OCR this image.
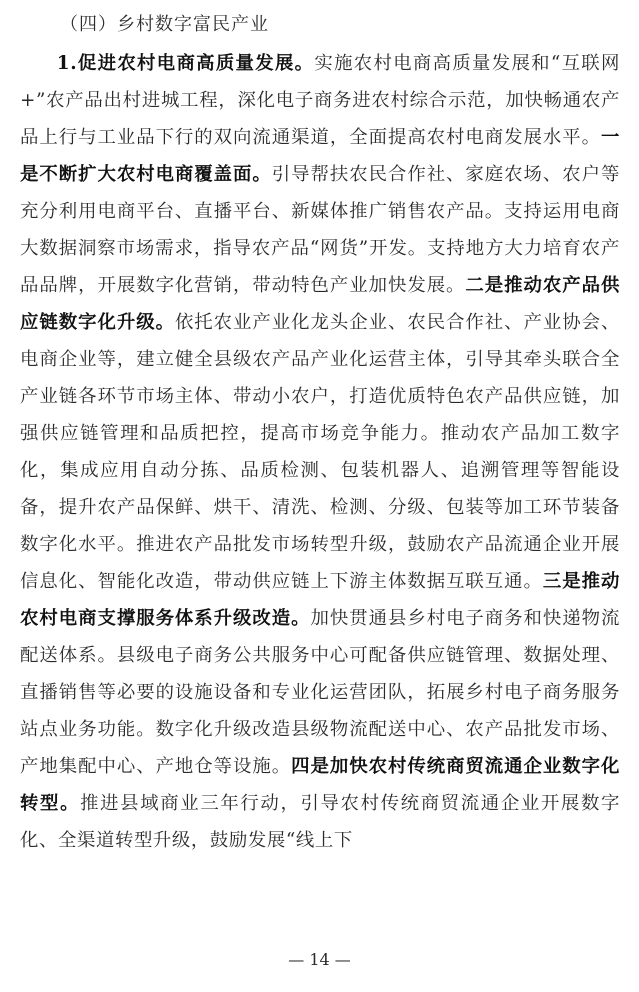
（四）乡村数字富民产业
1.促进农村电商高质量发展。实施农村电商高质量发展和“互联网+”农产品出村进城工程，深化电子商务进农村综合示范，加快畅通农产品上行与工业品下行的双向流通渠道，全面提高农村电商发展水平。一是不断扩大农村电商覆盖面。引导帮扶农民合作社、家庭农场、农户等充分利用电商平台、直播平台、新媒体推广销售农产品。支持运用电商大数据洞察市场需求，指导农产品“网货”开发。支持地方大力培育农产品品牌，开展数字化营销，带动特色产业加快发展。二是推动农产品供应链数字化升级。依托农业产业化龙头企业、农民合作社、产业协会、电商企业等，建立健全县级农产品产业化运营主体，引导其牵头联合全产业链各环节市场主体、带动小农户，打造优质特色农产品供应链，加强供应链管理和品质把控，提高市场竞争能力。推动农产品加工数字化，集成应用自动分拣、品质检测、包装机器人、追溯管理等智能设备，提升农产品保鲜、烘干、清洗、检测、分级、包装等加工环节装备数字化水平。推进农产品批发市场转型升级，鼓励农产品流通企业开展信息化、智能化改造，带动供应链上下游主体数据互联互通。三是推动农村电商支撑服务体系升级改造。加快贯通县乡村电子商务和快递物流配送体系。县级电子商务公共服务中心可配备供应链管理、数据处理、直播销售等必要的设施设备和专业化运营团队，拓展乡村电子商务服务站点业务功能。数字化升级改造县级物流配送中心、农产品批发市场、产地集配中心、产地仓等设施。四是加快农村传统商贸流通企业数字化转型。推进县域商业三年行动，引导农村传统商贸流通企业开展数字化、全渠道转型升级，鼓励发展“线上下
— 14 —
